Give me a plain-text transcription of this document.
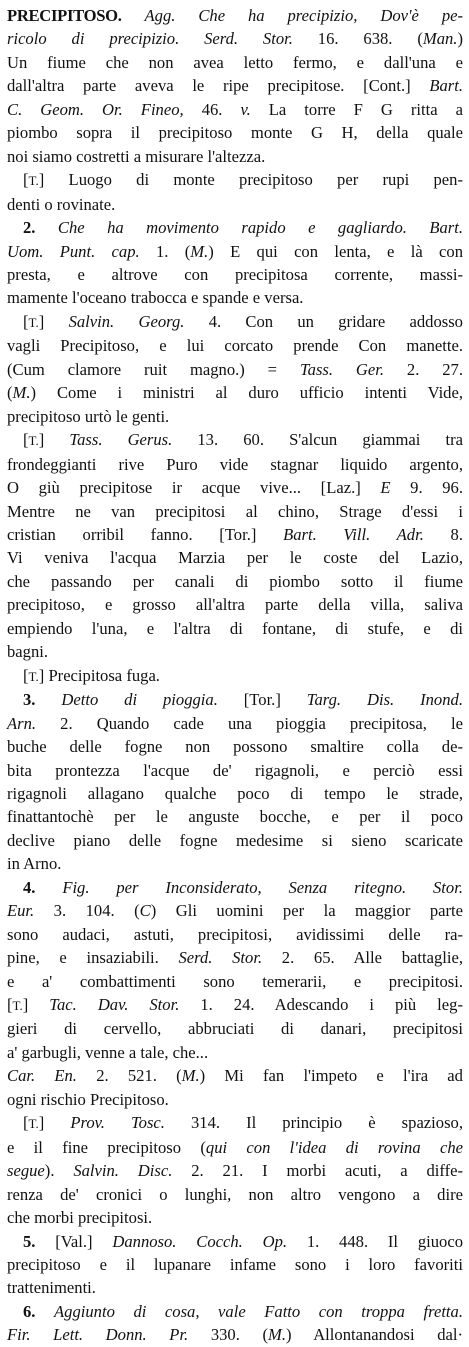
PRECIPITOSO. Agg. Che ha precipizio, Dov'è pe-
ricolo di precipizio. Serd. Stor. 16. 638. (Man.)
Un fiume che non avea letto fermo, e dall'una e
dall'altra parte aveva le ripe precipitose. [Cont.] Bart.
C. Geom. Or. Fineo, 46. v. La torre F G ritta a
piombo sopra il precipitoso monte G H, della quale
noi siamo costretti a misurare l'altezza.
[T.] Luogo di monte precipitoso per rupi pen-
denti o rovinate.
2. Che ha movimento rapido e gagliardo. Bart.
Uom. Punt. cap. 1. (M.) E qui con lenta, e là con
presta, e altrove con precipitosa corrente, massi-
mamente l'oceano trabocca e spande e versa.
[T.] Salvin. Georg. 4. Con un gridare addosso
vagli Precipitoso, e lui corcato prende Con manette.
(Cum clamore ruit magno.) = Tass. Ger. 2. 27.
(M.) Come i ministri al duro ufficio intenti Vide,
precipitoso urtò le genti.
[T.] Tass. Gerus. 13. 60. S'alcun giammai tra
frondeggianti rive Puro vide stagnar liquido argento,
O giù precipitose ir acque vive... [Laz.] E 9. 96.
Mentre ne van precipitosi al chino, Strage d'essi i
cristian orribil fanno. [Tor.] Bart. Vill. Adr. 8.
Vi veniva l'acqua Marzia per le coste del Lazio,
che passando per canali di piombo sotto il fiume
precipitoso, e grosso all'altra parte della villa, saliva
empiendo l'una, e l'altra di fontane, di stufe, e di
bagni.
[T.] Precipitosa fuga.
3. Detto di pioggia. [Tor.] Targ. Dis. Inond.
Arn. 2. Quando cade una pioggia precipitosa, le
buche delle fogne non possono smaltire colla de-
bita prontezza l'acque de' rigagnoli, e perciò essi
rigagnoli allagano qualche poco di tempo le strade,
finattantochè per le anguste bocche, e per il poco
declive piano delle fogne medesime si sieno scaricate
in Arno.
4. Fig. per Inconsiderato, Senza ritegno. Stor.
Eur. 3. 104. (C) Gli uomini per la maggior parte
sono audaci, astuti, precipitosi, avidissimi delle ra-
pine, e insaziabili. Serd. Stor. 2. 65. Alle battaglie,
e a' combattimenti sono temerarii, e precipitosi.
[T.] Tac. Dav. Stor. 1. 24. Adescando i più leg-
gieri di cervello, abbruciati di danari, precipitosi
a' garbugli, venne a tale, che...
Car. En. 2. 521. (M.) Mi fan l'impeto e l'ira ad
ogni rischio Precipitoso.
[T.] Prov. Tosc. 314. Il principio è spazioso,
e il fine precipitoso (qui con l'idea di rovina che
segue). Salvin. Disc. 2. 21. I morbi acuti, a diffe-
renza de' cronici o lunghi, non altro vengono a dire
che morbi precipitosi.
5. [Val.] Dannoso. Cocch. Op. 1. 448. Il giuoco
precipitoso e il lupanare infame sono i loro favoriti
trattenimenti.
6. Aggiunto di cosa, vale Fatto con troppa fretta.
Fir. Lett. Donn. Pr. 330. (M.) Allontanandosi dal·
